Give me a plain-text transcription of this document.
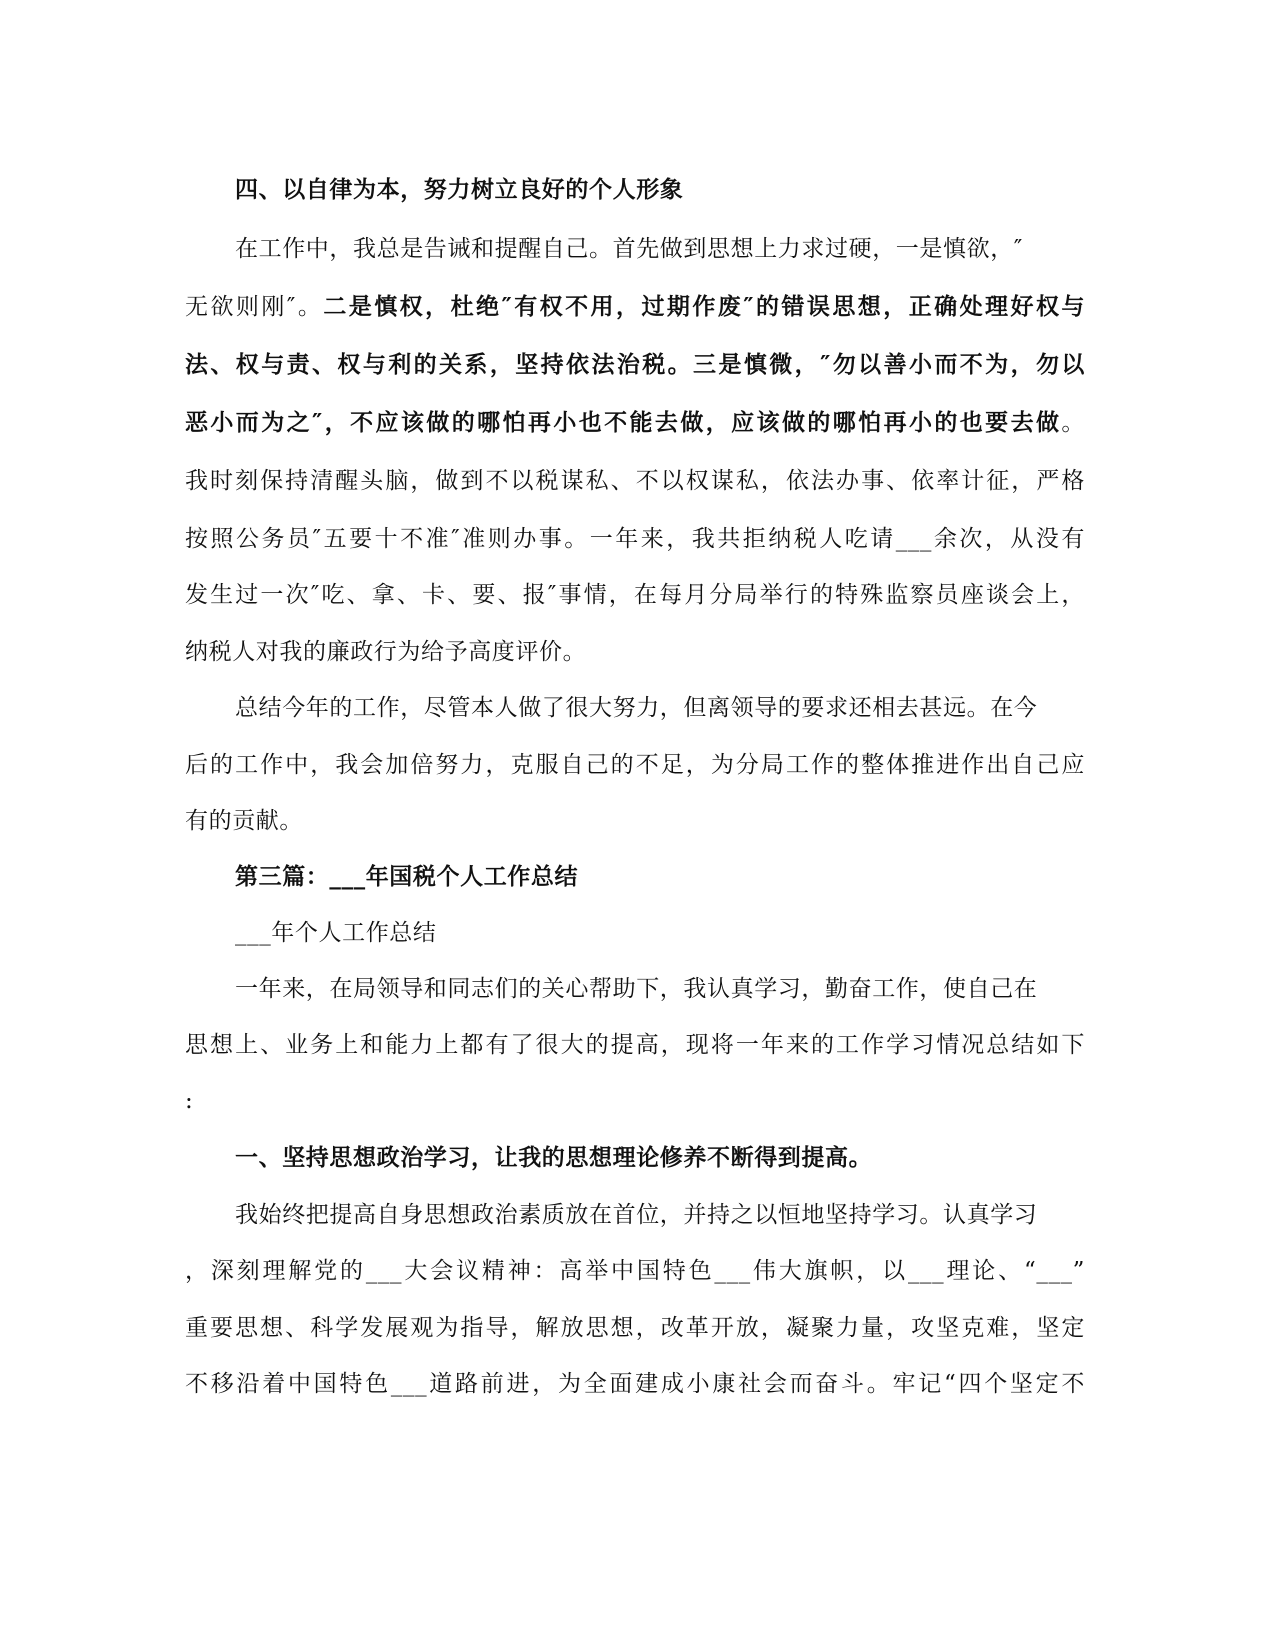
四、以自律为本，努力树立良好的个人形象
在工作中，我总是告诫和提醒自己。首先做到思想上力求过硬，一是慎欲，″
无欲则刚″。二是慎权，杜绝″有权不用，过期作废″的错误思想，正确处理好权与
法、权与责、权与利的关系，坚持依法治税。三是慎微，″勿以善小而不为，勿以
恶小而为之″，不应该做的哪怕再小也不能去做，应该做的哪怕再小的也要去做。
我时刻保持清醒头脑，做到不以税谋私、不以权谋私，依法办事、依率计征，严格
按照公务员″五要十不准″准则办事。一年来，我共拒纳税人吃请___余次，从没有
发生过一次″吃、拿、卡、要、报″事情，在每月分局举行的特殊监察员座谈会上，
纳税人对我的廉政行为给予高度评价。
总结今年的工作，尽管本人做了很大努力，但离领导的要求还相去甚远。在今
后的工作中，我会加倍努力，克服自己的不足，为分局工作的整体推进作出自己应
有的贡献。
第三篇：___年国税个人工作总结
___年个人工作总结
一年来，在局领导和同志们的关心帮助下，我认真学习，勤奋工作，使自己在
思想上、业务上和能力上都有了很大的提高，现将一年来的工作学习情况总结如下
:
一、坚持思想政治学习，让我的思想理论修养不断得到提高。
我始终把提高自身思想政治素质放在首位，并持之以恒地坚持学习。认真学习
，深刻理解党的___大会议精神：高举中国特色___伟大旗帜，以___理论、“___”
重要思想、科学发展观为指导，解放思想，改革开放，凝聚力量，攻坚克难，坚定
不移沿着中国特色___道路前进，为全面建成小康社会而奋斗。牢记“四个坚定不
